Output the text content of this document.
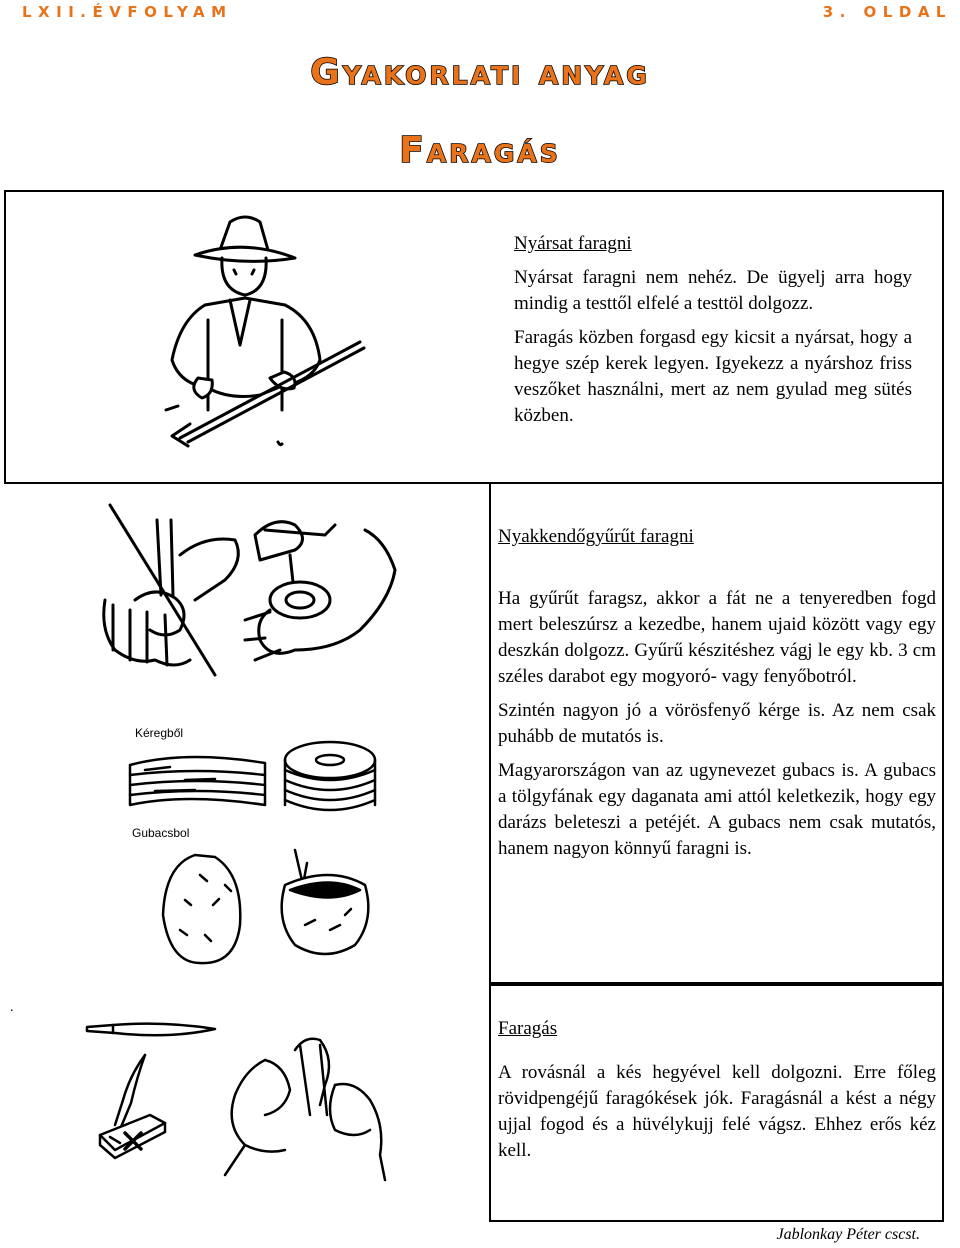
LXII.ÉVFOLYAM	3. OLDAL
Gyakorlati anyag
Faragás
Kéregből
Gubacsbol
Nyársat faragni

Nyársat faragni nem nehéz. De ügyelj arra hogy mindig a testtől elfelé a testtöl dolgozz.

Faragás közben forgasd egy kicsit a nyársat, hogy a hegye szép kerek legyen. Igyekezz a nyárshoz friss veszőket használni, mert az nem gyulad meg sütés közben.

Nyakkendőgyűrűt faragni

Ha gyűrűt faragsz, akkor a fát ne a tenyeredben fogd mert beleszúrsz a kezedbe, hanem ujaid között vagy egy deszkán dolgozz. Gyűrű készitéshez vágj le egy kb. 3 cm széles darabot egy mogyoró- vagy fenyőbotról.

Szintén nagyon jó a vörösfenyő kérge is. Az nem csak puhább de mutatós is.

Magyarországon van az ugynevezet gubacs is. A gubacs a tölgyfának egy daganata ami attól keletkezik, hogy egy darázs beleteszi a petéjét. A gubacs nem csak mutatós, hanem nagyon könnyű faragni is.

Faragás

A rovásnál a kés hegyével kell dolgozni. Erre főleg rövidpengéjű faragókések jók. Faragásnál a kést a négy ujjal fogod és a hüvélykujj felé vágsz. Ehhez erős kéz kell.

.
Jablonkay Péter cscst.
